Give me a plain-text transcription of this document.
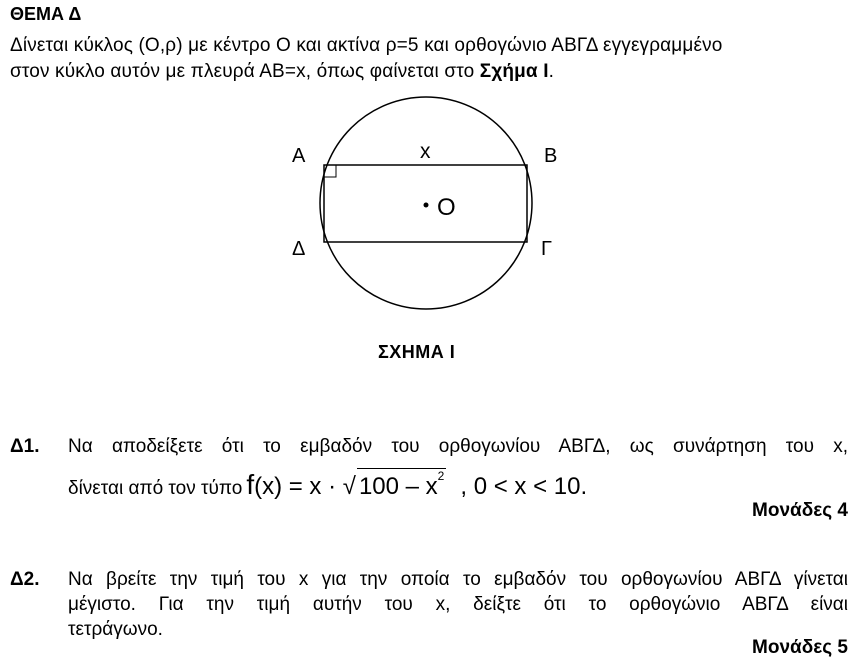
ΘΕΜΑ Δ
Δίνεται κύκλος (Ο,ρ) με κέντρο Ο και ακτίνα ρ=5 και ορθογώνιο ΑΒΓΔ εγγεγραμμένο
στον κύκλο αυτόν με πλευρά ΑΒ=x, όπως φαίνεται στο Σχήμα Ι.
Α	Β
Γ
Δ
x
Ο
ΣΧΗΜΑ Ι
Δ1. Να αποδείξετε ότι το εμβαδόν του ορθογωνίου ΑΒΓΔ, ως συνάρτηση του x,
δίνεται από τον τύπο f(x) = x · √ $100 - x^2$ , 0 < x < 10.
Μονάδες 4
Δ2. Να βρείτε την τιμή του x για την οποία το εμβαδόν του ορθογωνίου ΑΒΓΔ γίνεται
μέγιστο. Για την τιμή αυτήν του x, δείξτε ότι το ορθογώνιο ΑΒΓΔ είναι
τετράγωνο.
Μονάδες 5
